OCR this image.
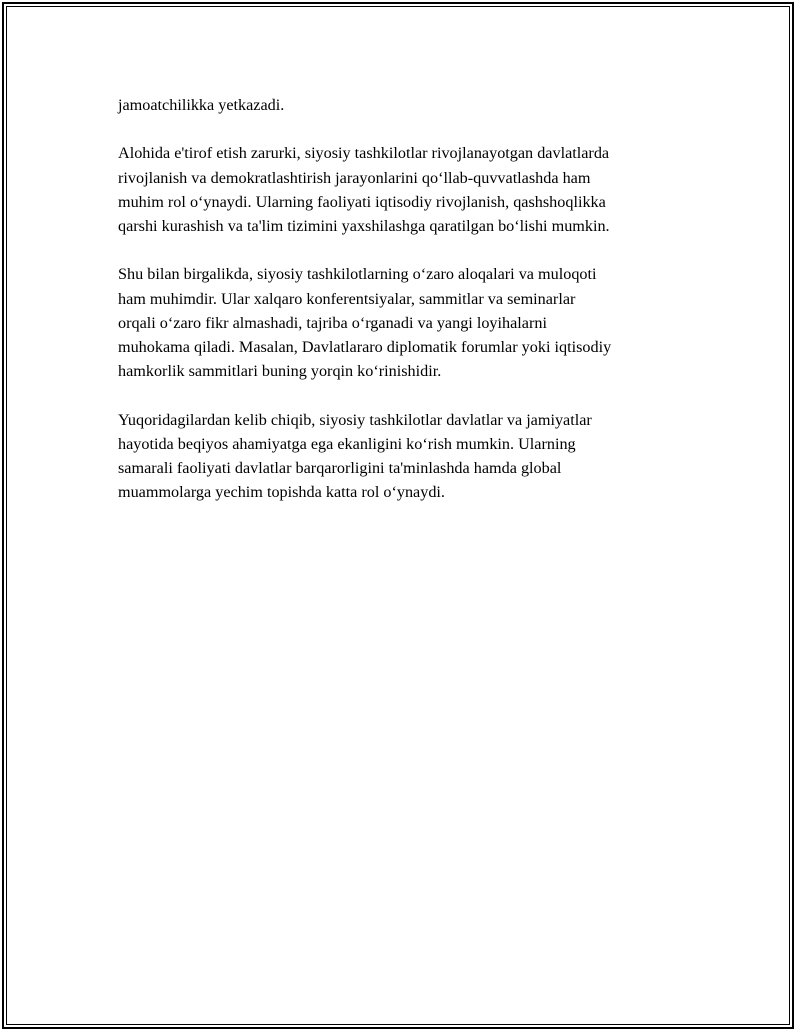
jamoatchilikka yetkazadi.

Alohida e'tirof etish zarurki, siyosiy tashkilotlar rivojlanayotgan davlatlarda
rivojlanish va demokratlashtirish jarayonlarini qoʻllab-quvvatlashda ham
muhim rol oʻynaydi. Ularning faoliyati iqtisodiy rivojlanish, qashshoqlikka
qarshi kurashish va ta'lim tizimini yaxshilashga qaratilgan boʻlishi mumkin.

Shu bilan birgalikda, siyosiy tashkilotlarning oʻzaro aloqalari va muloqoti
ham muhimdir. Ular xalqaro konferentsiyalar, sammitlar va seminarlar
orqali oʻzaro fikr almashadi, tajriba oʻrganadi va yangi loyihalarni
muhokama qiladi. Masalan, Davlatlararo diplomatik forumlar yoki iqtisodiy
hamkorlik sammitlari buning yorqin koʻrinishidir.

Yuqoridagilardan kelib chiqib, siyosiy tashkilotlar davlatlar va jamiyatlar
hayotida beqiyos ahamiyatga ega ekanligini koʻrish mumkin. Ularning
samarali faoliyati davlatlar barqarorligini ta'minlashda hamda global
muammolarga yechim topishda katta rol oʻynaydi.
